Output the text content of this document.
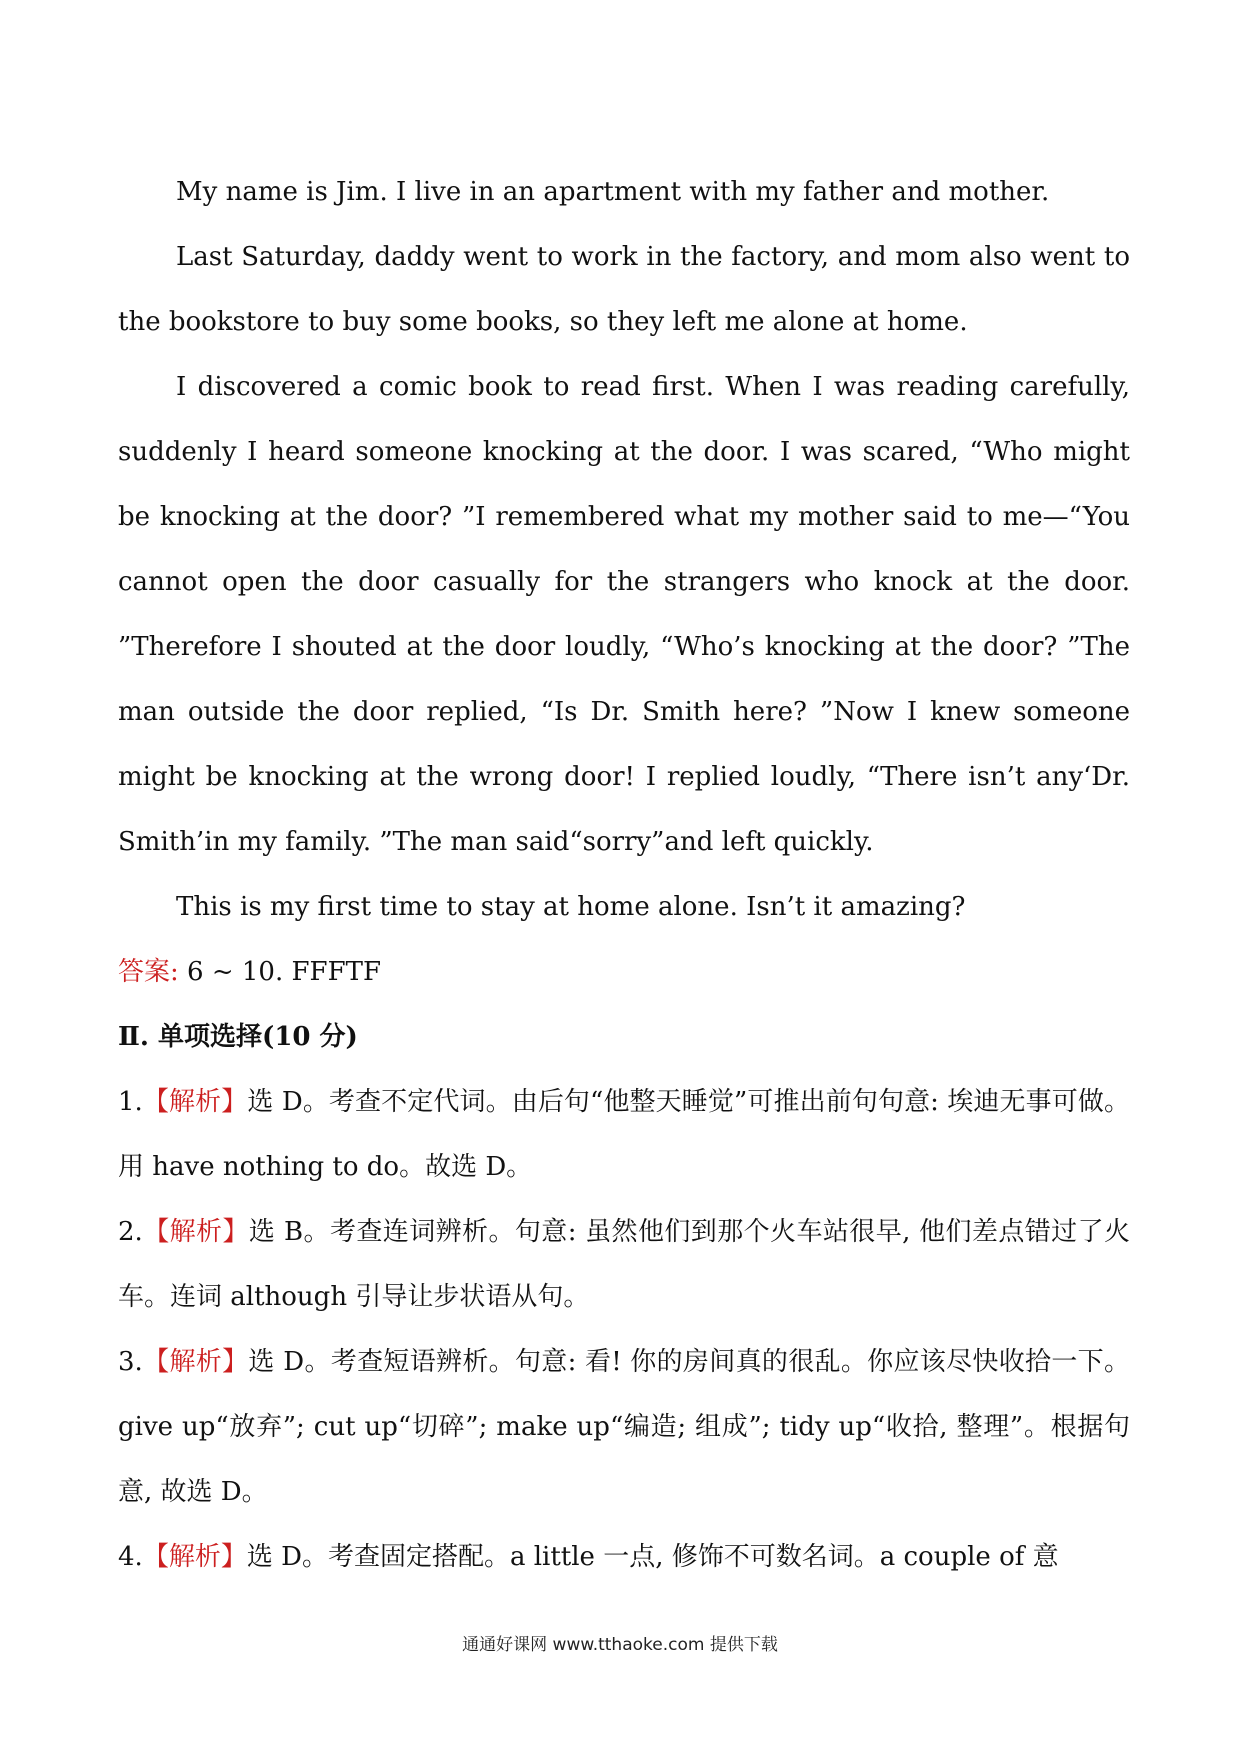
My name is Jim. I live in an apartment with my father and mother.

Last Saturday, daddy went to work in the factory, and mom also went to the bookstore to buy some books, so they left me alone at home.

I discovered a comic book to read first. When I was reading carefully, suddenly I heard someone knocking at the door. I was scared, “Who might be knocking at the door? ”I remembered what my mother said to me—“You cannot open the door casually for the strangers who knock at the door. ”Therefore I shouted at the door loudly, “Who’s knocking at the door? ”The man outside the door replied, “Is Dr. Smith here? ”Now I knew someone might be knocking at the wrong door! I replied loudly, “There isn’t any‘Dr. Smith’in my family. ”The man said“sorry”and left quickly.

This is my first time to stay at home alone. Isn’t it amazing?

答案: 6 ~ 10. FFFTF

Ⅱ. 单项选择(10 分)

1.【解析】选 D。考查不定代词。由后句“他整天睡觉”可推出前句句意: 埃迪无事可做。用 have nothing to do。故选 D。

2.【解析】选 B。考查连词辨析。句意: 虽然他们到那个火车站很早, 他们差点错过了火车。连词 although 引导让步状语从句。

3.【解析】选 D。考查短语辨析。句意: 看! 你的房间真的很乱。你应该尽快收拾一下。give up“放弃”; cut up“切碎”; make up“编造; 组成”; tidy up“收拾, 整理”。根据句意, 故选 D。

4.【解析】选 D。考查固定搭配。a little 一点, 修饰不可数名词。a couple of 意

通通好课网 www.tthaoke.com 提供下载
